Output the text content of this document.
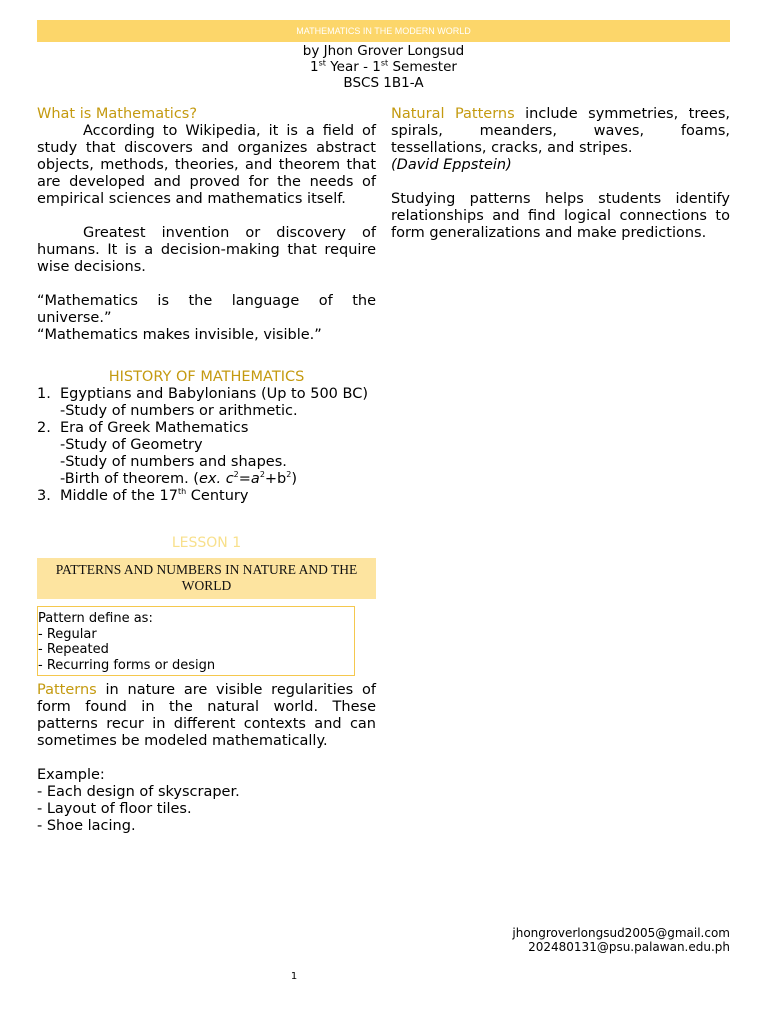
MATHEMATICS IN THE MODERN WORLD
by Jhon Grover Longsud
1st Year - 1st Semester
BSCS 1B1-A
What is Mathematics?

According to Wikipedia, it is a field of study that discovers and organizes abstract objects, methods, theories, and theorem that are developed and proved for the needs of empirical sciences and mathematics itself.

Greatest invention or discovery of humans. It is a decision-making that require wise decisions.

“Mathematics is the language of the universe.”

“Mathematics makes invisible, visible.”

HISTORY OF MATHEMATICS
1. Egyptians and Babylonians (Up to 500 BC)
-Study of numbers or arithmetic.
2. Era of Greek Mathematics
-Study of Geometry
-Study of numbers and shapes.
-Birth of theorem. (ex. $c^2=a^2+b^2$)
3. Middle of the 17th Century
LESSON 1
PATTERNS AND NUMBERS IN NATURE AND THE WORLD
Pattern define as:
- Regular
- Repeated
- Recurring forms or design

Patterns in nature are visible regularities of form found in the natural world. These patterns recur in different contexts and can sometimes be modeled mathematically.

Example:
- Each design of skyscraper.
- Layout of floor tiles.
- Shoe lacing.

Natural Patterns include symmetries, trees, spirals, meanders, waves, foams, tessellations, cracks, and stripes.

(David Eppstein)

Studying patterns helps students identify relationships and find logical connections to form generalizations and make predictions.

jhongroverlongsud2005@gmail.com
202480131@psu.palawan.edu.ph
1
